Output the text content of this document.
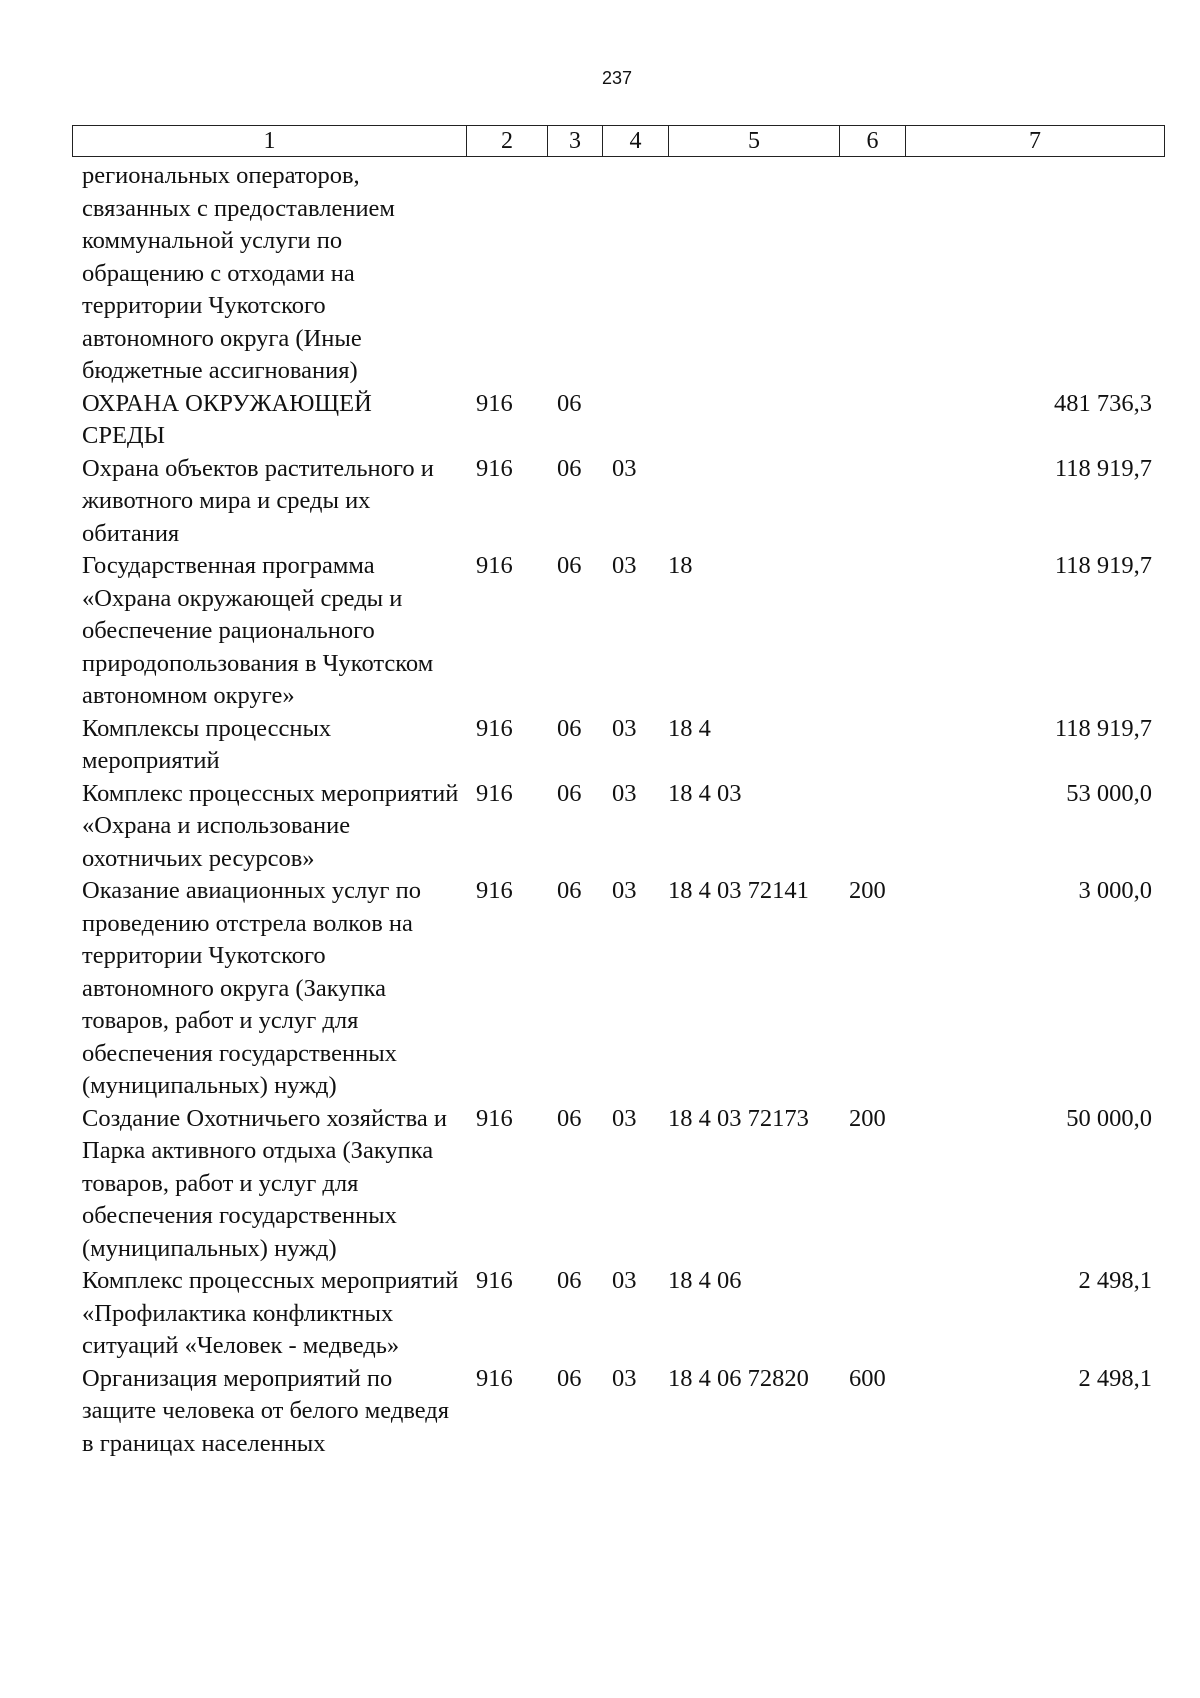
237
1	2	3	4	5	6	7
региональных операторов, связанных с предоставлением коммунальной услуги по обращению с отходами на территории Чукотского автономного округа (Иные бюджетные ассигнования)						
ОХРАНА ОКРУЖАЮЩЕЙ СРЕДЫ	916	06				481 736,3
Охрана объектов растительного и животного мира и среды их обитания	916	06	03			118 919,7
Государственная программа «Охрана окружающей среды и обеспечение рационального природопользования в Чукотском автономном округе»	916	06	03	18		118 919,7
Комплексы процессных мероприятий	916	06	03	18 4		118 919,7
Комплекс процессных мероприятий «Охрана и использование охотничьих ресурсов»	916	06	03	18 4 03		53 000,0
Оказание авиационных услуг по проведению отстрела волков на территории Чукотского автономного округа (Закупка товаров, работ и услуг для обеспечения государственных (муниципальных) нужд)	916	06	03	18 4 03 72141	200	3 000,0
Создание Охотничьего хозяйства и Парка активного отдыха (Закупка товаров, работ и услуг для обеспечения государственных (муниципальных) нужд)	916	06	03	18 4 03 72173	200	50 000,0
Комплекс процессных мероприятий «Профилактика конфликтных ситуаций «Человек - медведь»	916	06	03	18 4 06		2 498,1
Организация мероприятий по защите человека от белого медведя в границах населенных	916	06	03	18 4 06 72820	600	2 498,1
